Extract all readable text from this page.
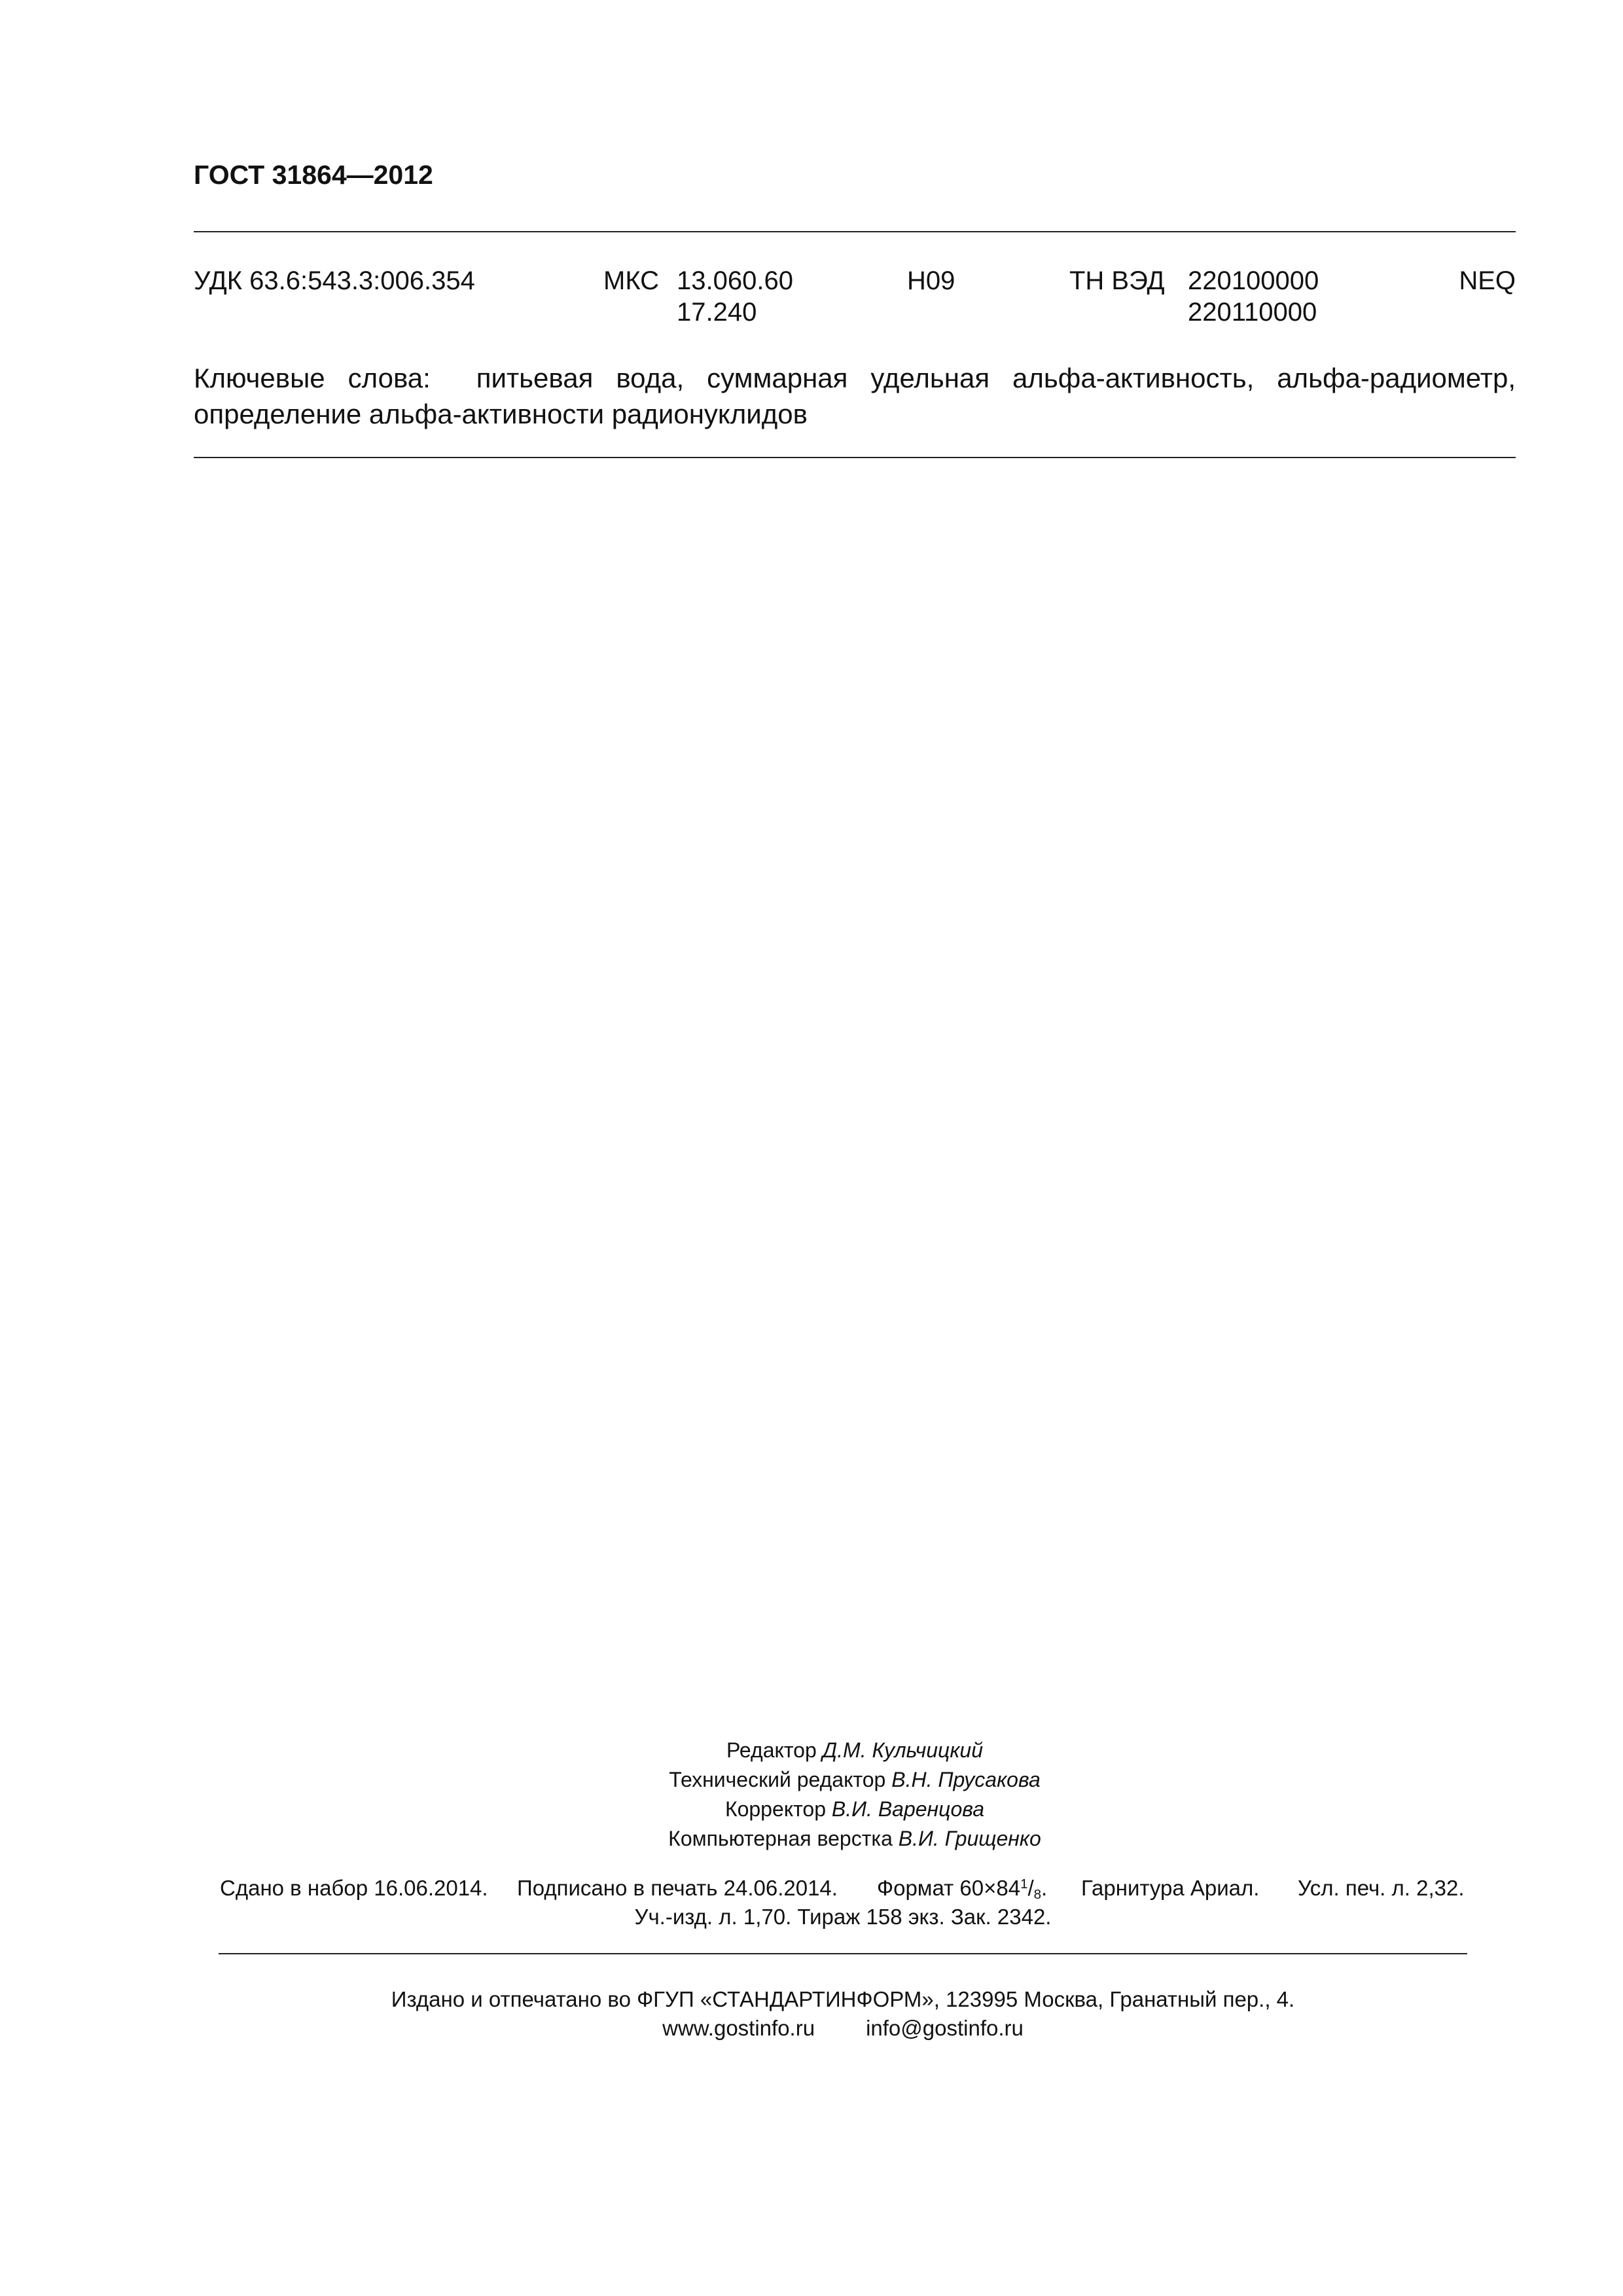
ГОСТ 31864—2012
УДК 63.6:543.3:006.354	МКС 13.060.60
17.240
Н09	ТН ВЭД 220100000
220110000
NEQ
Ключевые слова: питьевая вода, суммарная удельная альфа-активность, альфа-радиометр, определение альфа-активности радионуклидов
Редактор Д.М. Кульчицкий
Технический редактор В.Н. Прусакова
Корректор В.И. Варенцова
Компьютерная верстка В.И. Грищенко
Сдано в набор 16.06.2014. Подписано в печать 24.06.2014. Формат $60\times 84^1/_8$. Гарнитура Ариал. Усл. печ. л. 2,32.
Уч.-изд. л. 1,70. Тираж 158 экз. Зак. 2342.
Издано и отпечатано во ФГУП «СТАНДАРТИНФОРМ», 123995 Москва, Гранатный пер., 4.
www.gostinfo.ru info@gostinfo.ru
